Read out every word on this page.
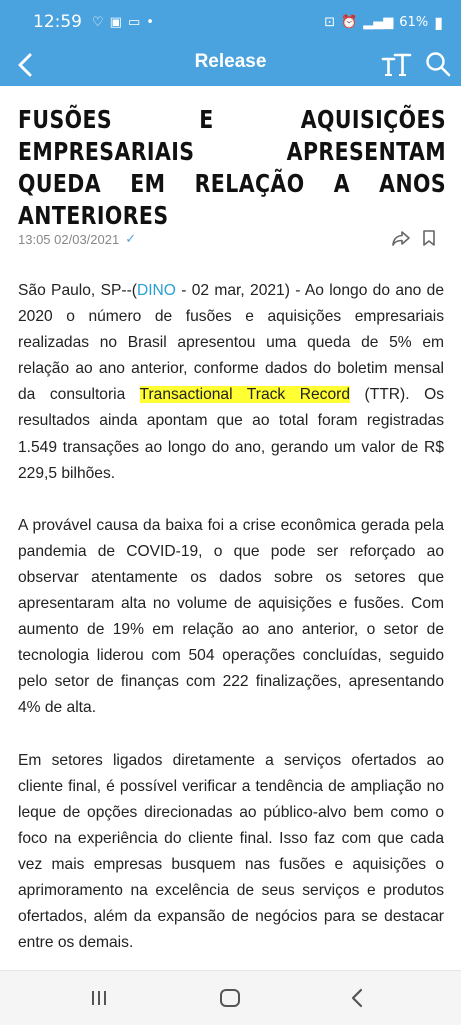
12:59 ♡ ▣ ▭ •	⊡ ⏰ ▂▄▆ 61% ▮
Release
FUSÕES E AQUISIÇÕES EMPRESARIAIS APRESENTAM QUEDA EM RELAÇÃO A ANOS ANTERIORES
13:05 02/03/2021 ✓

São Paulo, SP--(DINO - 02 mar, 2021) - Ao longo do ano de 2020 o número de fusões e aquisições empresariais realizadas no Brasil apresentou uma queda de 5% em relação ao ano anterior, conforme dados do boletim mensal da consultoria Transactional Track Record (TTR). Os resultados ainda apontam que ao total foram registradas 1.549 transações ao longo do ano, gerando um valor de R$ 229,5 bilhões.

A provável causa da baixa foi a crise econômica gerada pela pandemia de COVID-19, o que pode ser reforçado ao observar atentamente os dados sobre os setores que apresentaram alta no volume de aquisições e fusões. Com aumento de 19% em relação ao ano anterior, o setor de tecnologia liderou com 504 operações concluídas, seguido pelo setor de finanças com 222 finalizações, apresentando 4% de alta.

Em setores ligados diretamente a serviços ofertados ao cliente final, é possível verificar a tendência de ampliação no leque de opções direcionadas ao público-alvo bem como o foco na experiência do cliente final. Isso faz com que cada vez mais empresas busquem nas fusões e aquisições o aprimoramento na excelência de seus serviços e produtos ofertados, além da expansão de negócios para se destacar entre os demais.
